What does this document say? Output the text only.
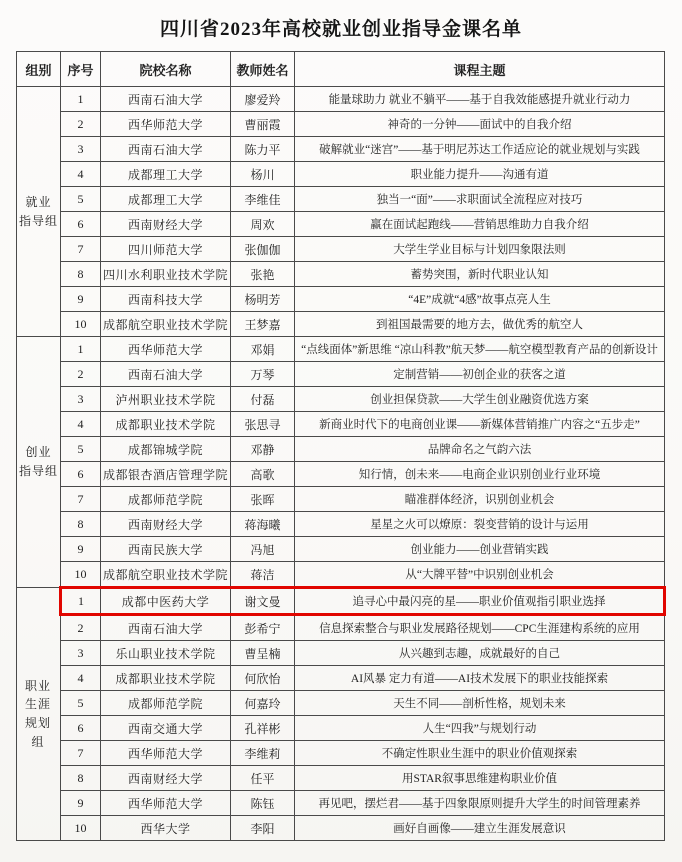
四川省2023年高校就业创业指导金课名单
组别	序号	院校名称	教师姓名	课程主题
就业
指导组	1	西南石油大学	廖爱羚	能量球助力 就业不躺平——基于自我效能感提升就业行动力
	2	西华师范大学	曹丽霞	神奇的一分钟——面试中的自我介绍
	3	西南石油大学	陈力平	破解就业“迷宫”——基于明尼苏达工作适应论的就业规划与实践
	4	成都理工大学	杨川	职业能力提升——沟通有道
	5	成都理工大学	李维佳	独当一“面”——求职面试全流程应对技巧
	6	西南财经大学	周欢	赢在面试起跑线——营销思维助力自我介绍
	7	四川师范大学	张伽伽	大学生学业目标与计划四象限法则
	8	四川水利职业技术学院	张艳	蓄势突围，新时代职业认知
	9	西南科技大学	杨明芳	“4E”成就“4感”故事点亮人生
	10	成都航空职业技术学院	王梦嘉	到祖国最需要的地方去，做优秀的航空人
创业
指导组	1	西华师范大学	邓娟	“点线面体”新思维 “凉山科教”航天梦——航空模型教育产品的创新设计
	2	西南石油大学	万琴	定制营销——初创企业的获客之道
	3	泸州职业技术学院	付磊	创业担保贷款——大学生创业融资优选方案
	4	成都职业技术学院	张思寻	新商业时代下的电商创业课——新媒体营销推广内容之“五步走”
	5	成都锦城学院	邓静	品牌命名之气韵六法
	6	成都银杏酒店管理学院	高歌	知行情，创未来——电商企业识别创业行业环境
	7	成都师范学院	张晖	瞄准群体经济，识别创业机会
	8	西南财经大学	蒋海曦	星星之火可以燎原：裂变营销的设计与运用
	9	西南民族大学	冯旭	创业能力——创业营销实践
	10	成都航空职业技术学院	蒋洁	从“大牌平替”中识别创业机会
职业
生涯
规划组	1	成都中医药大学	谢文曼	追寻心中最闪亮的星——职业价值观指引职业选择
	2	西南石油大学	彭希宁	信息探索整合与职业发展路径规划——CPC生涯建构系统的应用
	3	乐山职业技术学院	曹呈楠	从兴趣到志趣，成就最好的自己
	4	成都职业技术学院	何欣怡	AI风暴 定力有道——AI技术发展下的职业技能探索
	5	成都师范学院	何嘉玲	天生不同——剖析性格，规划未来
	6	西南交通大学	孔祥彬	人生“四我”与规划行动
	7	西华师范大学	李维莉	不确定性职业生涯中的职业价值观探索
	8	西南财经大学	任平	用STAR叙事思维建构职业价值
	9	西华师范大学	陈钰	再见吧，摆烂君——基于四象限原则提升大学生的时间管理素养
	10	西华大学	李阳	画好自画像——建立生涯发展意识
